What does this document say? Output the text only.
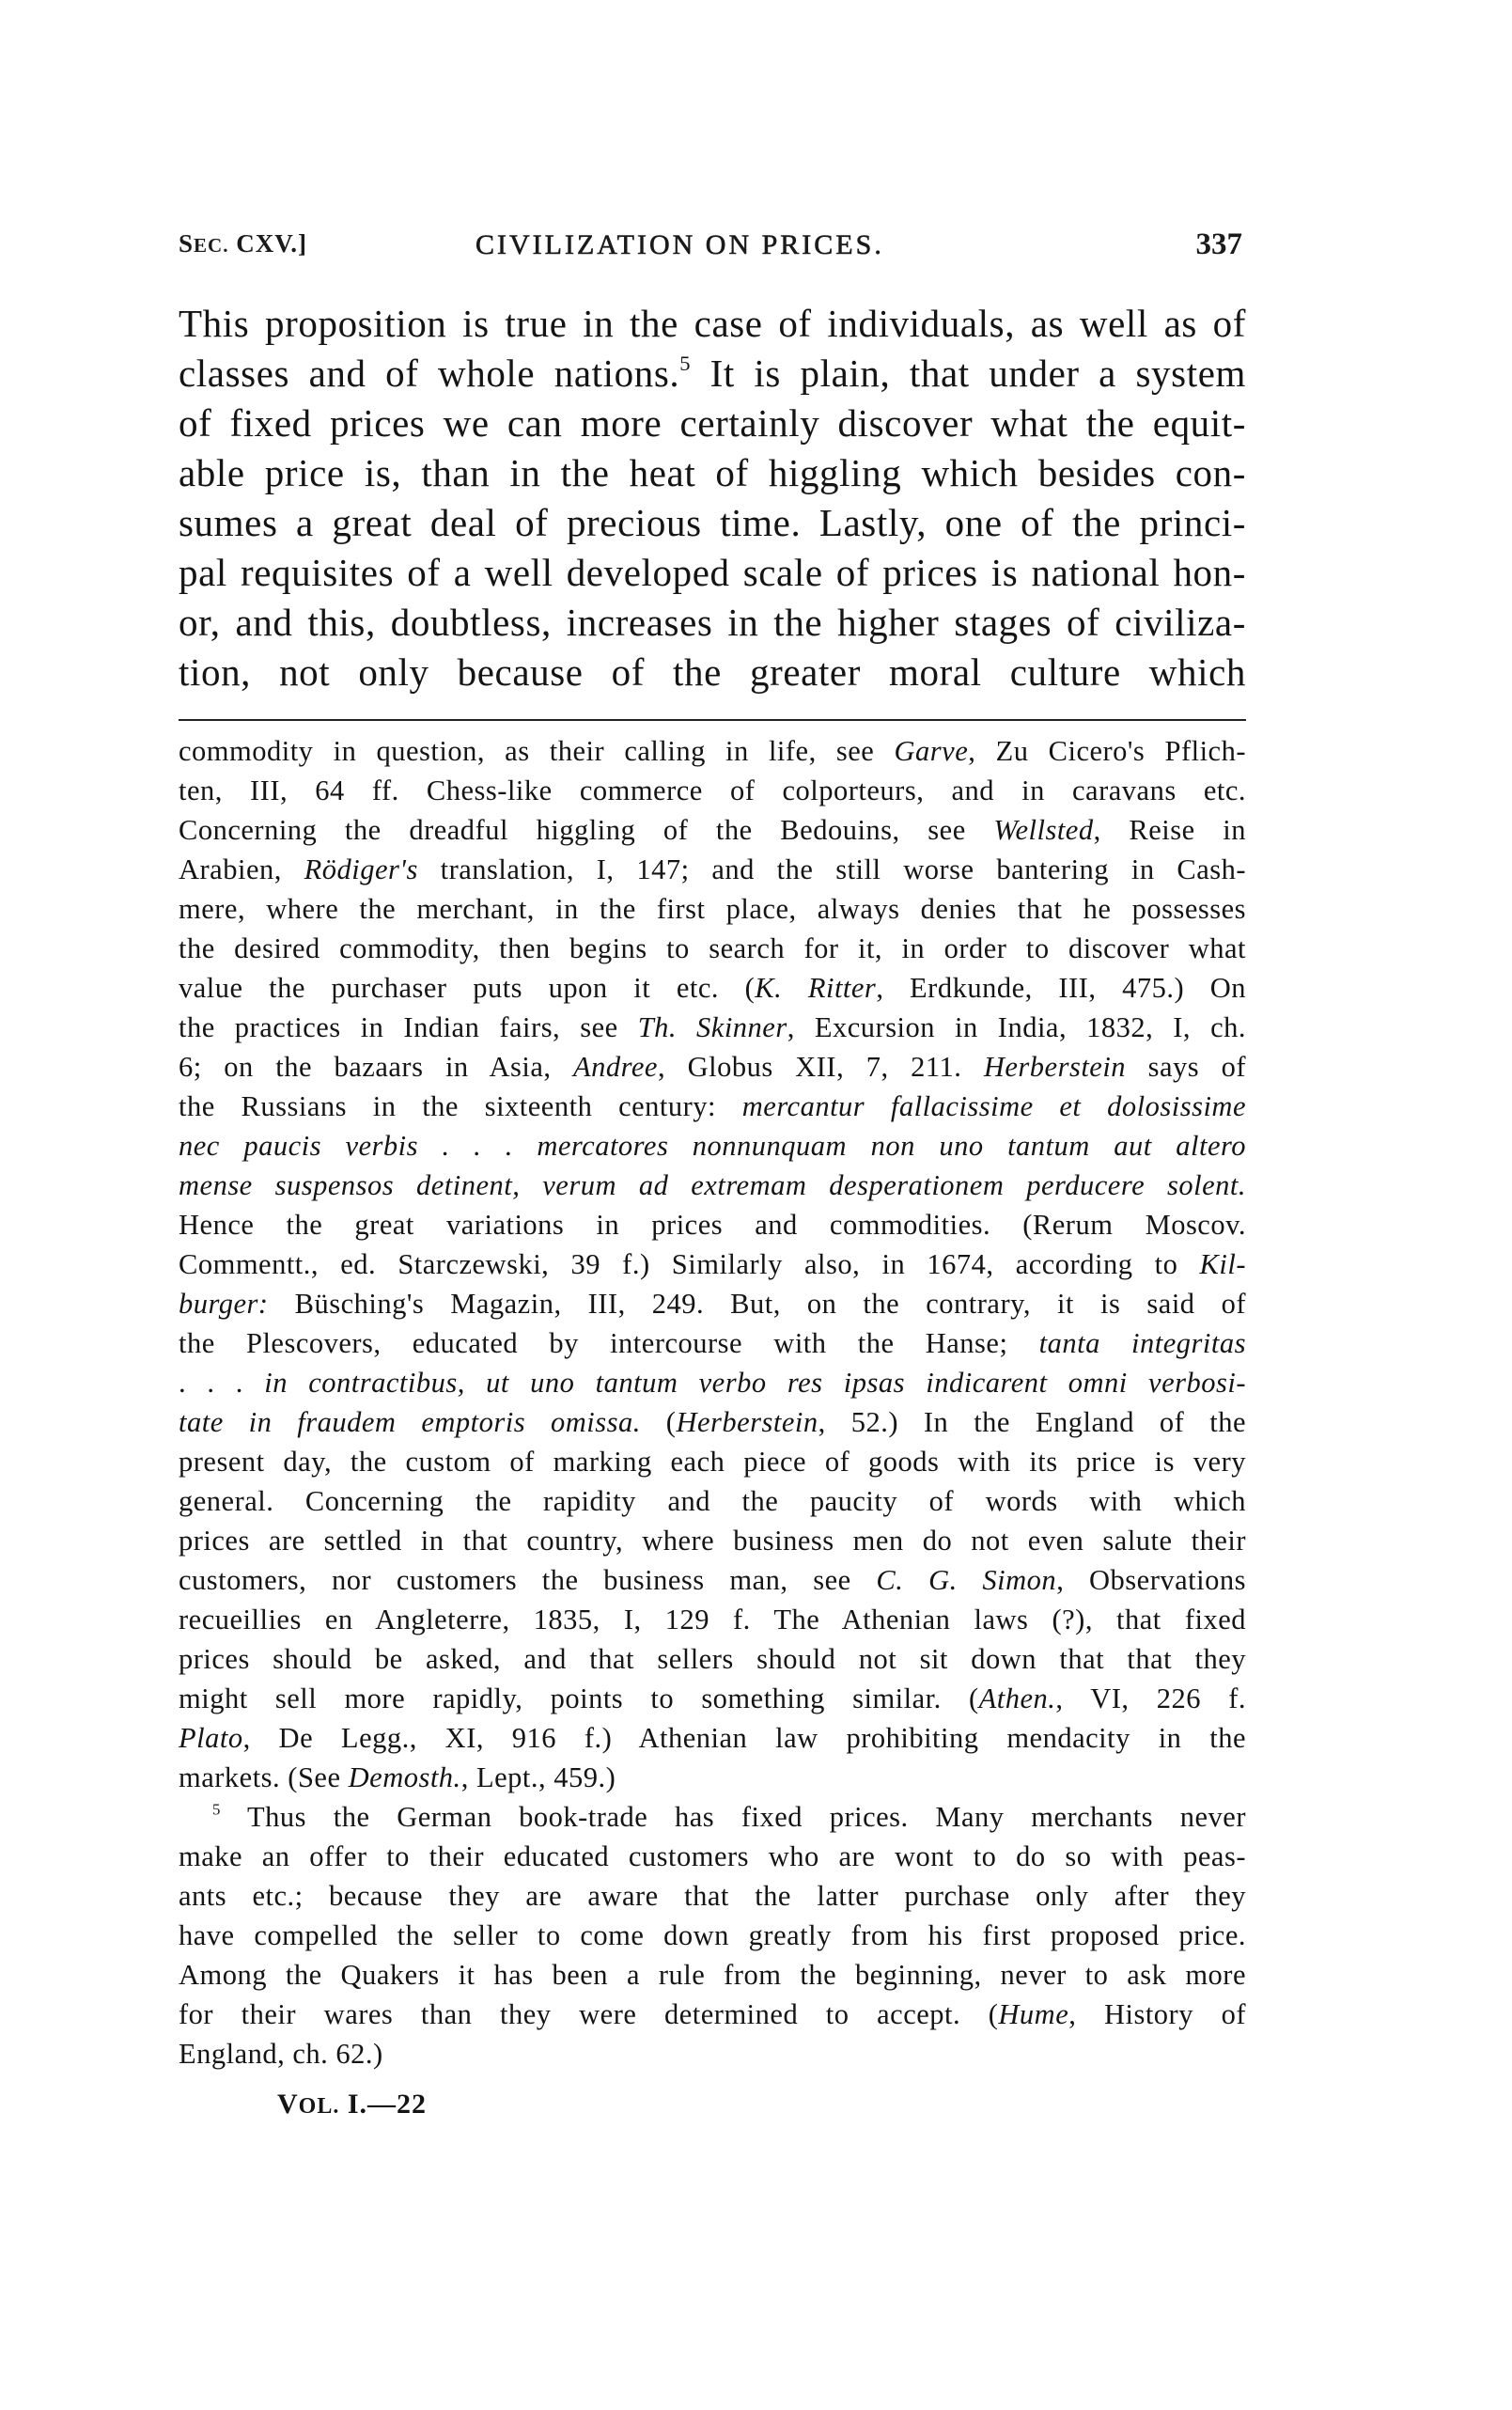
SEC. CXV.]	CIVILIZATION ON PRICES.	337
This proposition is true in the case of individuals, as well as of
classes and of whole nations.$^5$ It is plain, that under a system
of fixed prices we can more certainly discover what the equit-
able price is, than in the heat of higgling which besides con-
sumes a great deal of precious time. Lastly, one of the princi-
pal requisites of a well developed scale of prices is national hon-
or, and this, doubtless, increases in the higher stages of civiliza-
tion, not only because of the greater moral culture which
commodity in question, as their calling in life, see Garve, Zu Cicero's Pflich-
ten, III, 64 ff. Chess-like commerce of colporteurs, and in caravans etc.
Concerning the dreadful higgling of the Bedouins, see Wellsted, Reise in
Arabien, Rödiger's translation, I, 147; and the still worse bantering in Cash-
mere, where the merchant, in the first place, always denies that he possesses
the desired commodity, then begins to search for it, in order to discover what
value the purchaser puts upon it etc. (K. Ritter, Erdkunde, III, 475.) On
the practices in Indian fairs, see Th. Skinner, Excursion in India, 1832, I, ch.
6; on the bazaars in Asia, Andree, Globus XII, 7, 211. Herberstein says of
the Russians in the sixteenth century: mercantur fallacissime et dolosissime
nec paucis verbis . . . mercatores nonnunquam non uno tantum aut altero
mense suspensos detinent, verum ad extremam desperationem perducere solent.
Hence the great variations in prices and commodities. (Rerum Moscov.
Commentt., ed. Starczewski, 39 f.) Similarly also, in 1674, according to Kil-
burger: Büsching's Magazin, III, 249. But, on the contrary, it is said of
the Plescovers, educated by intercourse with the Hanse; tanta integritas
. . . in contractibus, ut uno tantum verbo res ipsas indicarent omni verbosi-
tate in fraudem emptoris omissa. (Herberstein, 52.) In the England of the
present day, the custom of marking each piece of goods with its price is very
general. Concerning the rapidity and the paucity of words with which
prices are settled in that country, where business men do not even salute their
customers, nor customers the business man, see C. G. Simon, Observations
recueillies en Angleterre, 1835, I, 129 f. The Athenian laws (?), that fixed
prices should be asked, and that sellers should not sit down that that they
might sell more rapidly, points to something similar. (Athen., VI, 226 f.
Plato, De Legg., XI, 916 f.) Athenian law prohibiting mendacity in the
markets. (See Demosth., Lept., 459.)
$^5$ Thus the German book-trade has fixed prices. Many merchants never
make an offer to their educated customers who are wont to do so with peas-
ants etc.; because they are aware that the latter purchase only after they
have compelled the seller to come down greatly from his first proposed price.
Among the Quakers it has been a rule from the beginning, never to ask more
for their wares than they were determined to accept. (Hume, History of
England, ch. 62.)
VOL. I.—22
